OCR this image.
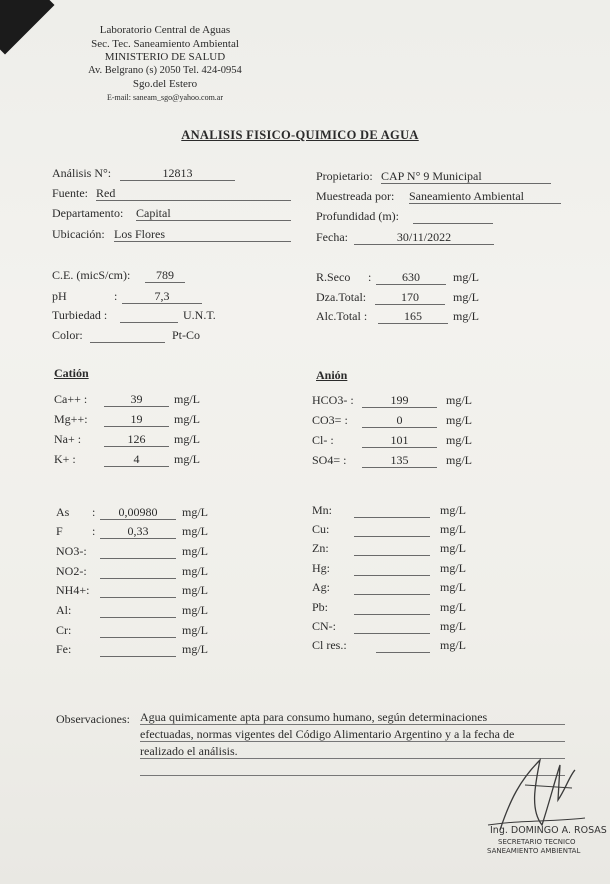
Laboratorio Central de Aguas
Sec. Tec. Saneamiento Ambiental
MINISTERIO DE SALUD
Av. Belgrano (s) 2050 Tel. 424-0954
Sgo.del Estero
E-mail: saneam_sgo@yahoo.com.ar
ANALISIS FISICO-QUIMICO DE AGUA
Análisis N°:	12813
Fuente: Red
Departamento: Capital
Ubicación: Los Flores
Propietario: CAP N° 9 Municipal
Muestreada por: Saneamiento Ambiental
Profundidad (m):
Fecha:	30/11/2022
C.E. (micS/cm):	789
pH	:	7,3
Turbiedad :	U.N.T.
Color:	Pt-Co
R.Seco :	630	mg/L
Dza.Total:	170	mg/L
Alc.Total :	165	mg/L
Catión	Anión
Ca++ :	39	mg/L
Mg++:	19	mg/L
Na+ :	126	mg/L
K+ :	4	mg/L
HCO3- :	199	mg/L
CO3= :	0	mg/L
Cl- :	101	mg/L
SO4= :	135	mg/L
As :	0,00980	mg/L
F :	0,33	mg/L
NO3-:	mg/L
NO2-:	mg/L
NH4+:	mg/L
Al:	mg/L
Cr:	mg/L
Fe:	mg/L
Mn:	mg/L
Cu:	mg/L
Zn:	mg/L
Hg:	mg/L
Ag:	mg/L
Pb:	mg/L
CN-:	mg/L
Cl res.:	mg/L
Observaciones: Agua quimicamente apta para consumo humano, según determinaciones
efectuadas, normas vigentes del Código Alimentario Argentino y a la fecha de
realizado el análisis.
Ing. DOMINGO A. ROSAS
SECRETARIO TECNICO
SANEAMIENTO AMBIENTAL
